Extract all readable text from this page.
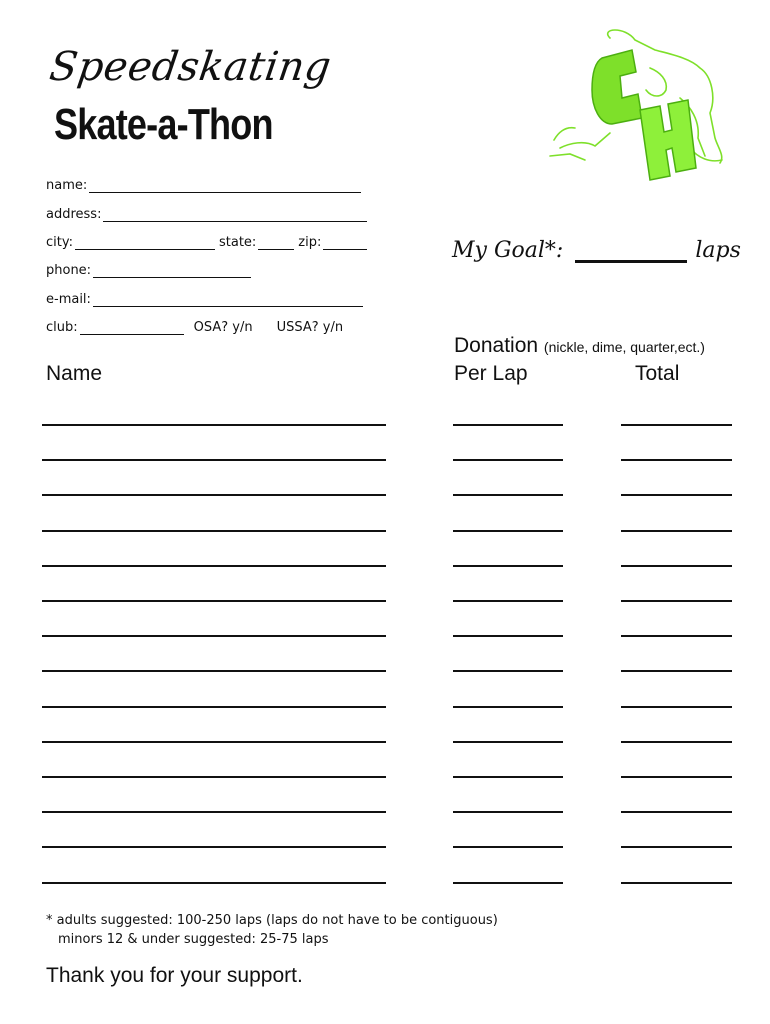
Speedskating
Skate-a-Thon
name:
address:
city:	state:	zip:
phone:
e-mail:
club:	OSA? y/n USSA? y/n
My Goal*:	laps
Name
Donation (nickle, dime, quarter,ect.)
Per Lap	Total
* adults suggested: 100-250 laps (laps do not have to be contiguous)
minors 12 & under suggested: 25-75 laps
Thank you for your support.
